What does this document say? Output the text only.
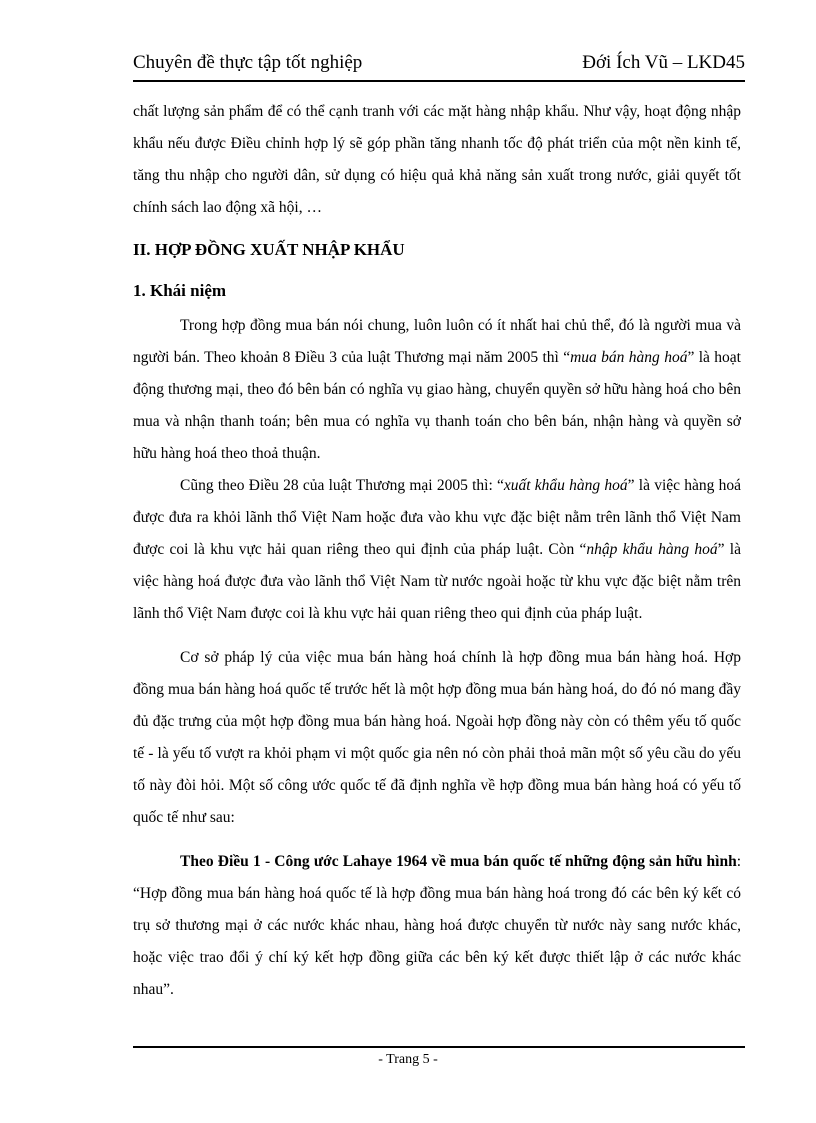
Chuyên đề thực tập tốt nghiệp	Đới Ích Vũ – LKD45

chất lượng sản phẩm để có thể cạnh tranh với các mặt hàng nhập khẩu. Như vậy, hoạt động nhập khẩu nếu được Điều chỉnh hợp lý sẽ góp phần tăng nhanh tốc độ phát triển của một nền kinh tế, tăng thu nhập cho người dân, sử dụng có hiệu quả khả năng sản xuất trong nước, giải quyết tốt chính sách lao động xã hội, …

II. HỢP ĐỒNG XUẤT NHẬP KHẨU
1. Khái niệm

Trong hợp đồng mua bán nói chung, luôn luôn có ít nhất hai chủ thể, đó là người mua và người bán. Theo khoản 8 Điều 3 của luật Thương mại năm 2005 thì “mua bán hàng hoá” là hoạt động thương mại, theo đó bên bán có nghĩa vụ giao hàng, chuyển quyền sở hữu hàng hoá cho bên mua và nhận thanh toán; bên mua có nghĩa vụ thanh toán cho bên bán, nhận hàng và quyền sở hữu hàng hoá theo thoả thuận.

Cũng theo Điều 28 của luật Thương mại 2005 thì: “xuất khẩu hàng hoá” là việc hàng hoá được đưa ra khỏi lãnh thổ Việt Nam hoặc đưa vào khu vực đặc biệt nằm trên lãnh thổ Việt Nam được coi là khu vực hải quan riêng theo qui định của pháp luật. Còn “nhập khẩu hàng hoá” là việc hàng hoá được đưa vào lãnh thổ Việt Nam từ nước ngoài hoặc từ khu vực đặc biệt nằm trên lãnh thổ Việt Nam được coi là khu vực hải quan riêng theo qui định của pháp luật.

Cơ sở pháp lý của việc mua bán hàng hoá chính là hợp đồng mua bán hàng hoá. Hợp đồng mua bán hàng hoá quốc tế trước hết là một hợp đồng mua bán hàng hoá, do đó nó mang đầy đủ đặc trưng của một hợp đồng mua bán hàng hoá. Ngoài hợp đồng này còn có thêm yếu tố quốc tế - là yếu tố vượt ra khỏi phạm vi một quốc gia nên nó còn phải thoả mãn một số yêu cầu do yếu tố này đòi hỏi. Một số công ước quốc tế đã định nghĩa về hợp đồng mua bán hàng hoá có yếu tố quốc tế như sau:

Theo Điều 1 - Công ước Lahaye 1964 về mua bán quốc tế những động sản hữu hình: “Hợp đồng mua bán hàng hoá quốc tế là hợp đồng mua bán hàng hoá trong đó các bên ký kết có trụ sở thương mại ở các nước khác nhau, hàng hoá được chuyển từ nước này sang nước khác, hoặc việc trao đổi ý chí ký kết hợp đồng giữa các bên ký kết được thiết lập ở các nước khác nhau”.

- Trang 5 -
